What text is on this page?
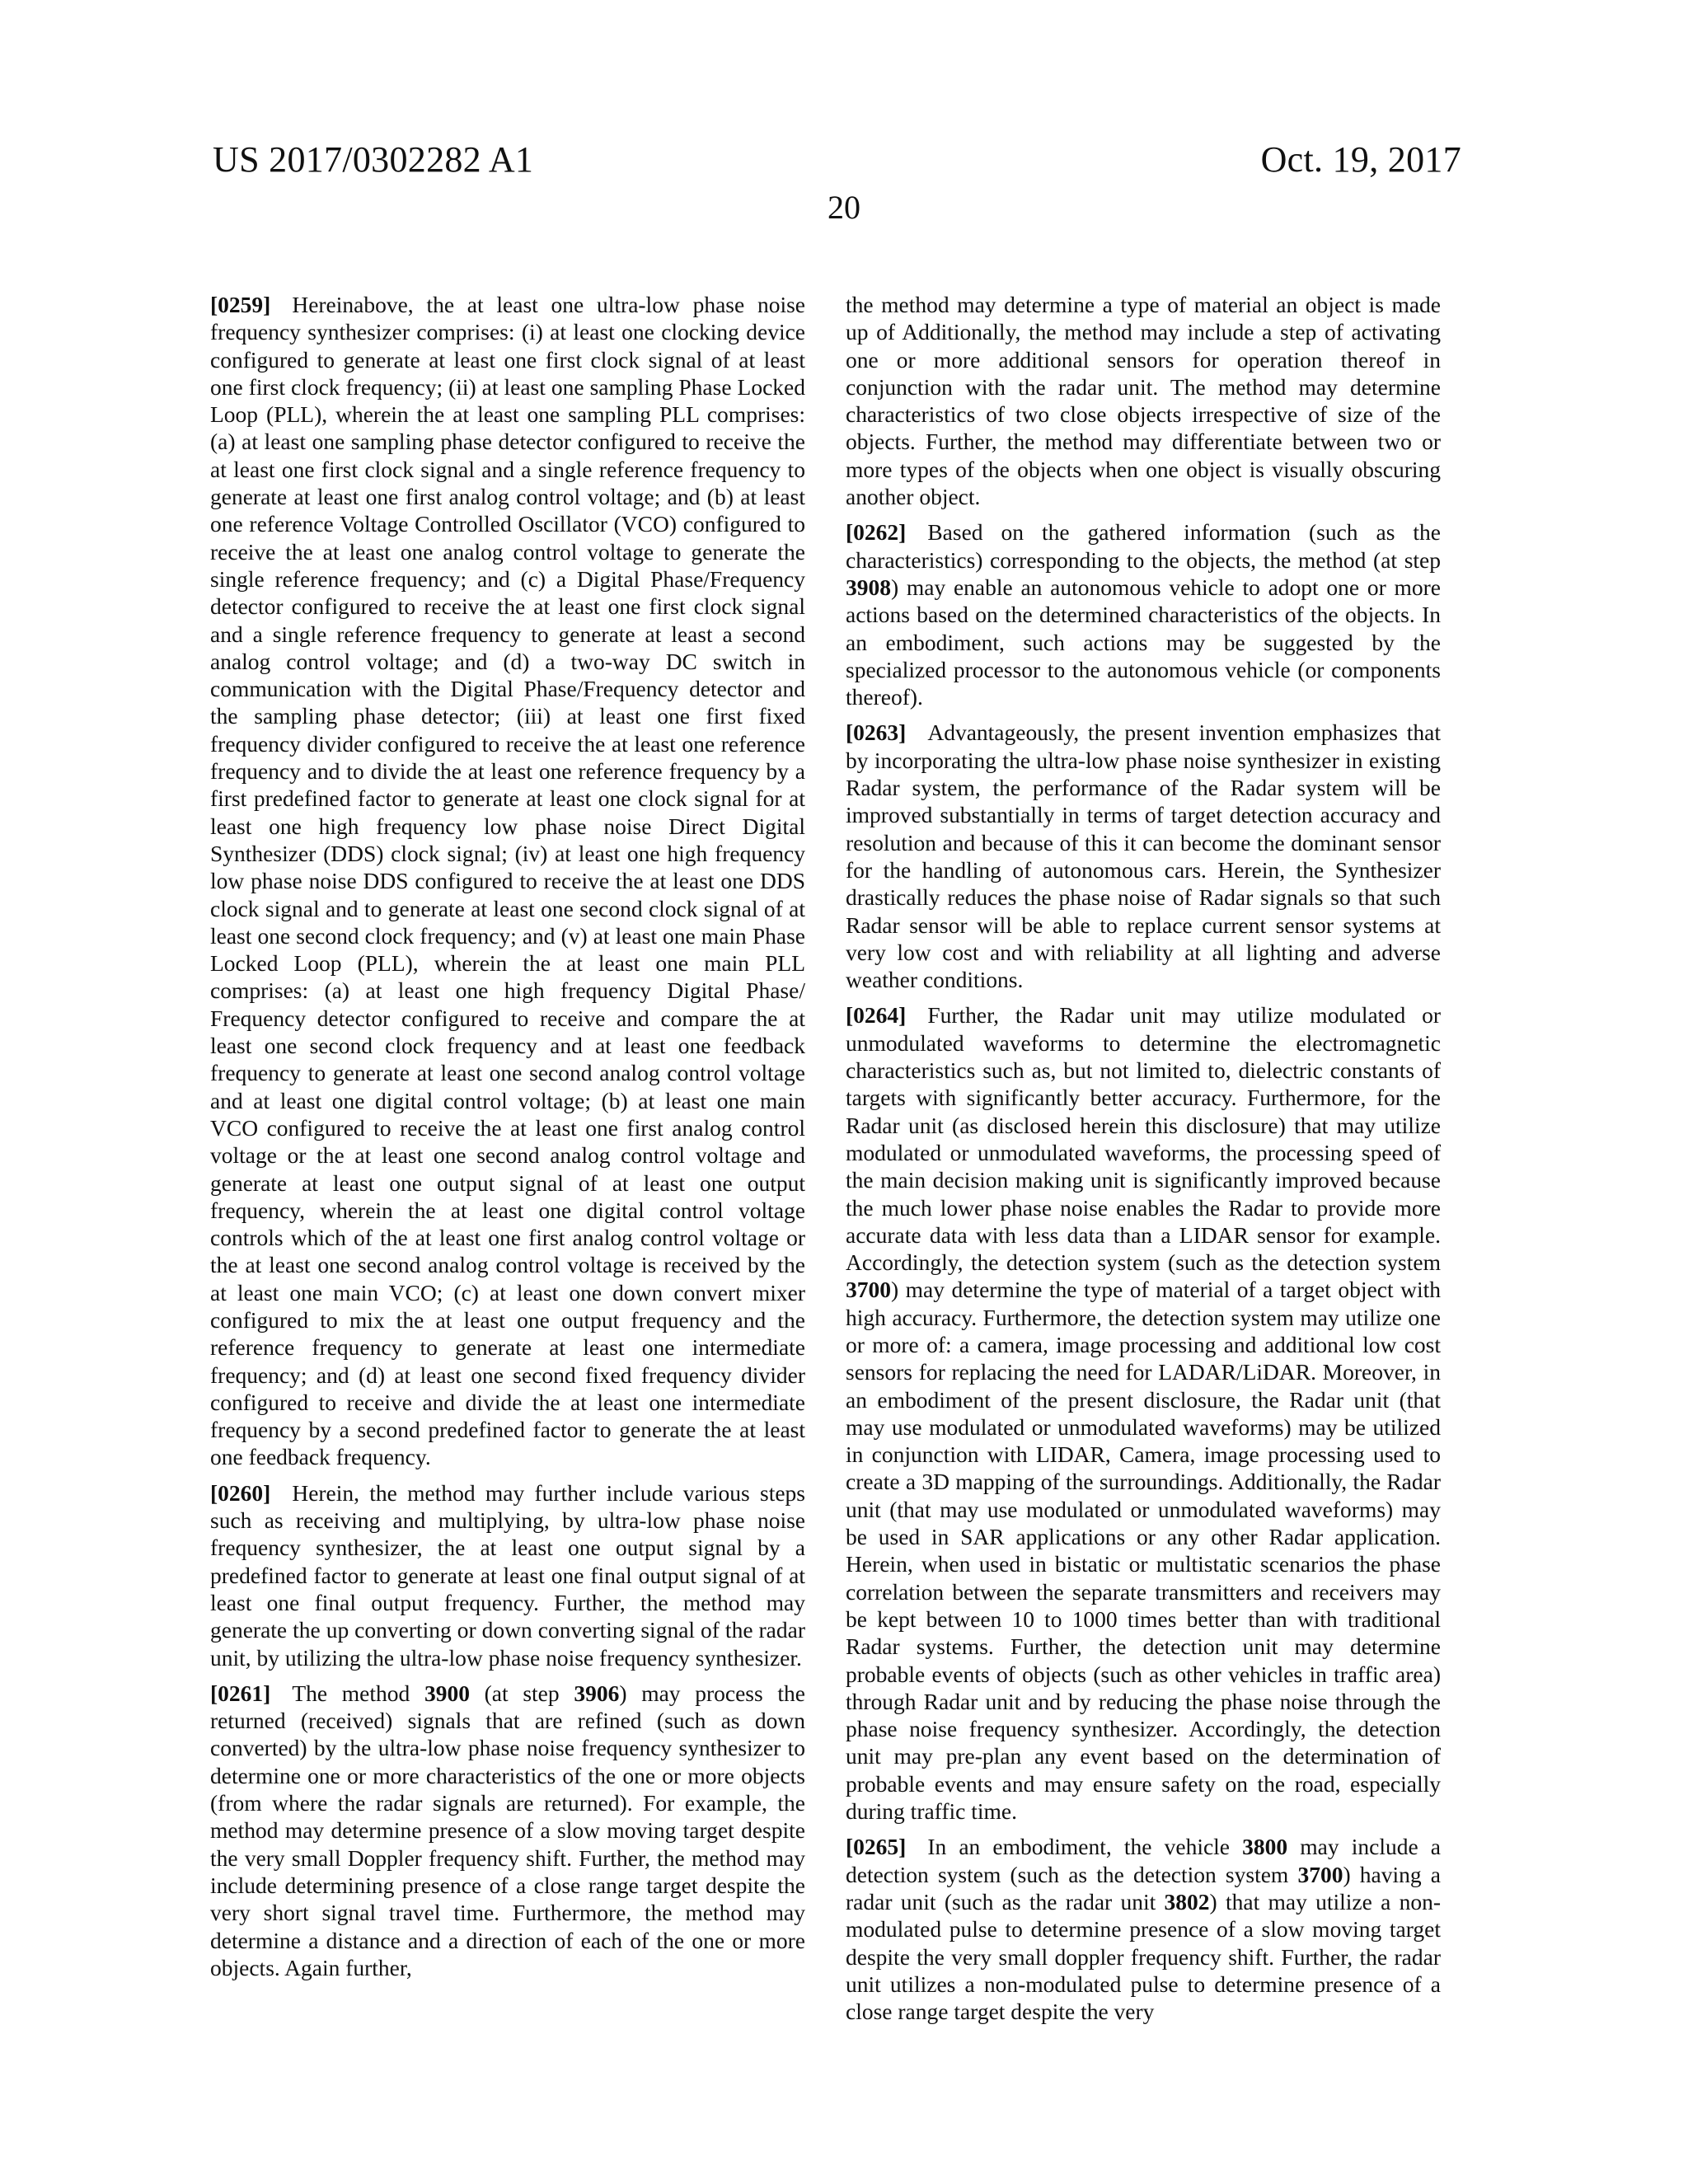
US 2017/0302282 A1	Oct. 19, 2017
20

[0259] Hereinabove, the at least one ultra-low phase noise frequency synthesizer comprises: (i) at least one clocking device configured to generate at least one first clock signal of at least one first clock frequency; (ii) at least one sampling Phase Locked Loop (PLL), wherein the at least one sampling PLL comprises: (a) at least one sampling phase detector configured to receive the at least one first clock signal and a single reference frequency to generate at least one first analog control voltage; and (b) at least one reference Voltage Controlled Oscillator (VCO) configured to receive the at least one analog control voltage to generate the single reference frequency; and (c) a Digital Phase/Frequency detector configured to receive the at least one first clock signal and a single reference frequency to generate at least a second analog control voltage; and (d) a two-way DC switch in communication with the Digital Phase/Frequency detector and the sampling phase detector; (iii) at least one first fixed frequency divider configured to receive the at least one reference frequency and to divide the at least one reference frequency by a first predefined factor to generate at least one clock signal for at least one high frequency low phase noise Direct Digital Synthesizer (DDS) clock signal; (iv) at least one high frequency low phase noise DDS configured to receive the at least one DDS clock signal and to generate at least one second clock signal of at least one second clock frequency; and (v) at least one main Phase Locked Loop (PLL), wherein the at least one main PLL comprises: (a) at least one high frequency Digital Phase/ Frequency detector configured to receive and compare the at least one second clock frequency and at least one feedback frequency to generate at least one second analog control voltage and at least one digital control voltage; (b) at least one main VCO configured to receive the at least one first analog control voltage or the at least one second analog control voltage and generate at least one output signal of at least one output frequency, wherein the at least one digital control voltage controls which of the at least one first analog control voltage or the at least one second analog control voltage is received by the at least one main VCO; (c) at least one down convert mixer configured to mix the at least one output frequency and the reference frequency to generate at least one intermediate frequency; and (d) at least one second fixed frequency divider configured to receive and divide the at least one intermediate frequency by a second predefined factor to generate the at least one feedback frequency.

[0260] Herein, the method may further include various steps such as receiving and multiplying, by ultra-low phase noise frequency synthesizer, the at least one output signal by a predefined factor to generate at least one final output signal of at least one final output frequency. Further, the method may generate the up converting or down converting signal of the radar unit, by utilizing the ultra-low phase noise frequency synthesizer.

[0261] The method 3900 (at step 3906) may process the returned (received) signals that are refined (such as down converted) by the ultra-low phase noise frequency synthesizer to determine one or more characteristics of the one or more objects (from where the radar signals are returned). For example, the method may determine presence of a slow moving target despite the very small Doppler frequency shift. Further, the method may include determining presence of a close range target despite the very short signal travel time. Furthermore, the method may determine a distance and a direction of each of the one or more objects. Again further,

the method may determine a type of material an object is made up of Additionally, the method may include a step of activating one or more additional sensors for operation thereof in conjunction with the radar unit. The method may determine characteristics of two close objects irrespective of size of the objects. Further, the method may differentiate between two or more types of the objects when one object is visually obscuring another object.

[0262] Based on the gathered information (such as the characteristics) corresponding to the objects, the method (at step 3908) may enable an autonomous vehicle to adopt one or more actions based on the determined characteristics of the objects. In an embodiment, such actions may be suggested by the specialized processor to the autonomous vehicle (or components thereof).

[0263] Advantageously, the present invention emphasizes that by incorporating the ultra-low phase noise synthesizer in existing Radar system, the performance of the Radar system will be improved substantially in terms of target detection accuracy and resolution and because of this it can become the dominant sensor for the handling of autonomous cars. Herein, the Synthesizer drastically reduces the phase noise of Radar signals so that such Radar sensor will be able to replace current sensor systems at very low cost and with reliability at all lighting and adverse weather conditions.

[0264] Further, the Radar unit may utilize modulated or unmodulated waveforms to determine the electromagnetic characteristics such as, but not limited to, dielectric constants of targets with significantly better accuracy. Furthermore, for the Radar unit (as disclosed herein this disclosure) that may utilize modulated or unmodulated waveforms, the processing speed of the main decision making unit is significantly improved because the much lower phase noise enables the Radar to provide more accurate data with less data than a LIDAR sensor for example. Accordingly, the detection system (such as the detection system 3700) may determine the type of material of a target object with high accuracy. Furthermore, the detection system may utilize one or more of: a camera, image processing and additional low cost sensors for replacing the need for LADAR/LiDAR. Moreover, in an embodiment of the present disclosure, the Radar unit (that may use modulated or unmodulated waveforms) may be utilized in conjunction with LIDAR, Camera, image processing used to create a 3D mapping of the surroundings. Additionally, the Radar unit (that may use modulated or unmodulated waveforms) may be used in SAR applications or any other Radar application. Herein, when used in bistatic or multistatic scenarios the phase correlation between the separate transmitters and receivers may be kept between 10 to 1000 times better than with traditional Radar systems. Further, the detection unit may determine probable events of objects (such as other vehicles in traffic area) through Radar unit and by reducing the phase noise through the phase noise frequency synthesizer. Accordingly, the detection unit may pre-plan any event based on the determination of probable events and may ensure safety on the road, especially during traffic time.

[0265] In an embodiment, the vehicle 3800 may include a detection system (such as the detection system 3700) having a radar unit (such as the radar unit 3802) that may utilize a non-modulated pulse to determine presence of a slow moving target despite the very small doppler frequency shift. Further, the radar unit utilizes a non-modulated pulse to determine presence of a close range target despite the very
